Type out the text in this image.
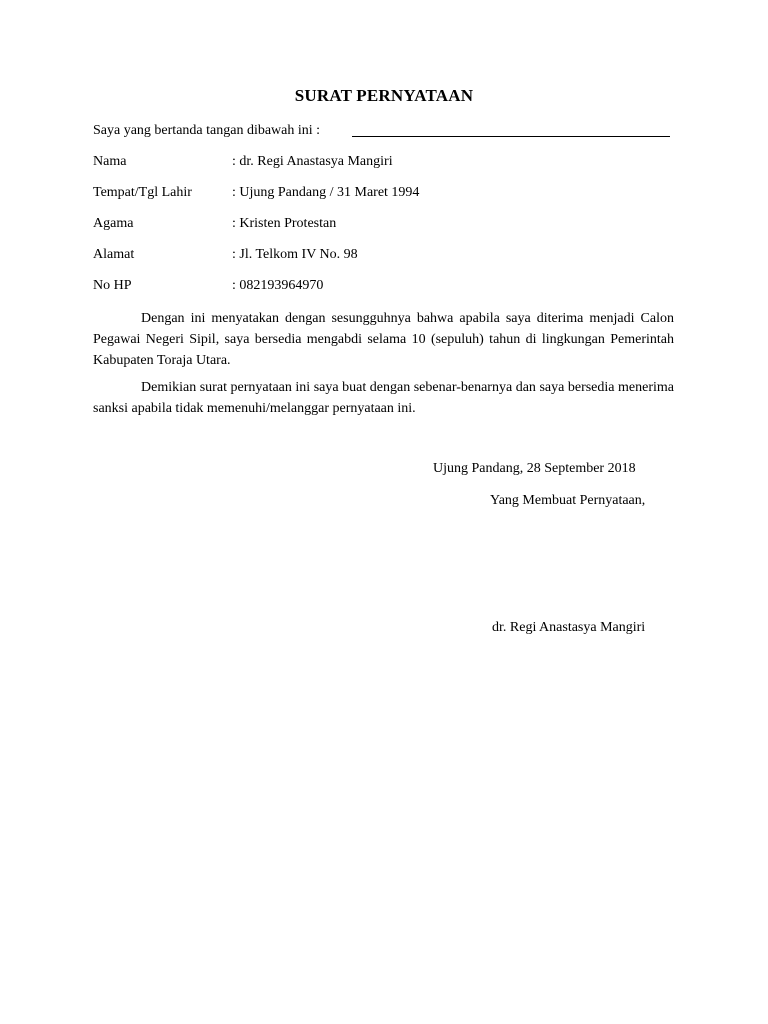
SURAT PERNYATAAN
Saya yang bertanda tangan dibawah ini :
Nama	: dr. Regi Anastasya Mangiri
Tempat/Tgl Lahir	: Ujung Pandang / 31 Maret 1994
Agama	: Kristen Protestan
Alamat	: Jl. Telkom IV No. 98
No HP	: 082193964970
Dengan ini menyatakan dengan sesungguhnya bahwa apabila saya diterima menjadi Calon Pegawai Negeri Sipil, saya bersedia mengabdi selama 10 (sepuluh) tahun di lingkungan Pemerintah Kabupaten Toraja Utara.
Demikian surat pernyataan ini saya buat dengan sebenar-benarnya dan saya bersedia menerima sanksi apabila tidak memenuhi/melanggar pernyataan ini.
Ujung Pandang, 28 September 2018
Yang Membuat Pernyataan,
dr. Regi Anastasya Mangiri
